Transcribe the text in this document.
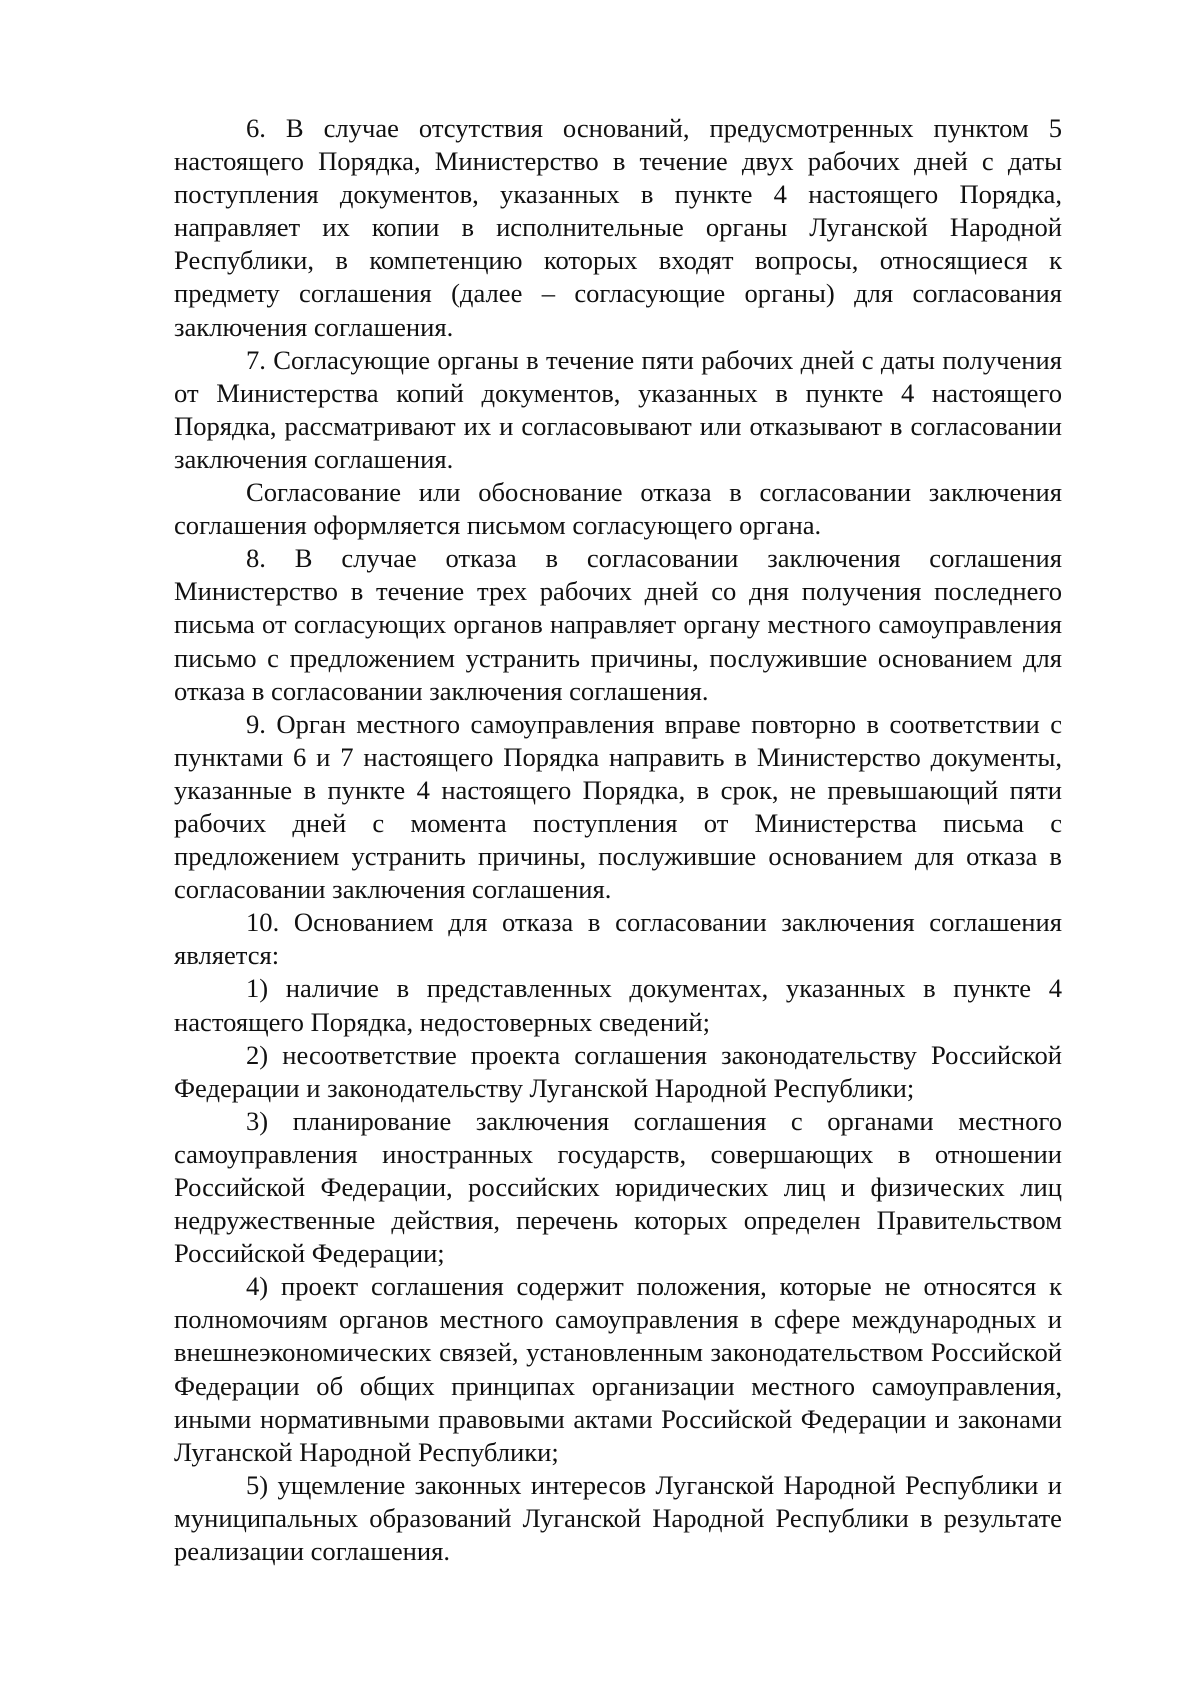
6. В случае отсутствия оснований, предусмотренных пунктом 5 настоящего Порядка, Министерство в течение двух рабочих дней с даты поступления документов, указанных в пункте 4 настоящего Порядка, направляет их копии в исполнительные органы Луганской Народной Республики, в компетенцию которых входят вопросы, относящиеся к предмету соглашения (далее – согласующие органы) для согласования заключения соглашения.

7. Согласующие органы в течение пяти рабочих дней с даты получения от Министерства копий документов, указанных в пункте 4 настоящего Порядка, рассматривают их и согласовывают или отказывают в согласовании заключения соглашения.

Согласование или обоснование отказа в согласовании заключения соглашения оформляется письмом согласующего органа.

8. В случае отказа в согласовании заключения соглашения Министерство в течение трех рабочих дней со дня получения последнего письма от согласующих органов направляет органу местного самоуправления письмо с предложением устранить причины, послужившие основанием для отказа в согласовании заключения соглашения.

9. Орган местного самоуправления вправе повторно в соответствии с пунктами 6 и 7 настоящего Порядка направить в Министерство документы, указанные в пункте 4 настоящего Порядка, в срок, не превышающий пяти рабочих дней с момента поступления от Министерства письма с предложением устранить причины, послужившие основанием для отказа в согласовании заключения соглашения.

10. Основанием для отказа в согласовании заключения соглашения является:

1) наличие в представленных документах, указанных в пункте 4 настоящего Порядка, недостоверных сведений;

2) несоответствие проекта соглашения законодательству Российской Федерации и законодательству Луганской Народной Республики;

3) планирование заключения соглашения с органами местного самоуправления иностранных государств, совершающих в отношении Российской Федерации, российских юридических лиц и физических лиц недружественные действия, перечень которых определен Правительством Российской Федерации;

4) проект соглашения содержит положения, которые не относятся к полномочиям органов местного самоуправления в сфере международных и внешнеэкономических связей, установленным законодательством Российской Федерации об общих принципах организации местного самоуправления, иными нормативными правовыми актами Российской Федерации и законами Луганской Народной Республики;

5) ущемление законных интересов Луганской Народной Республики и муниципальных образований Луганской Народной Республики в результате реализации соглашения.
